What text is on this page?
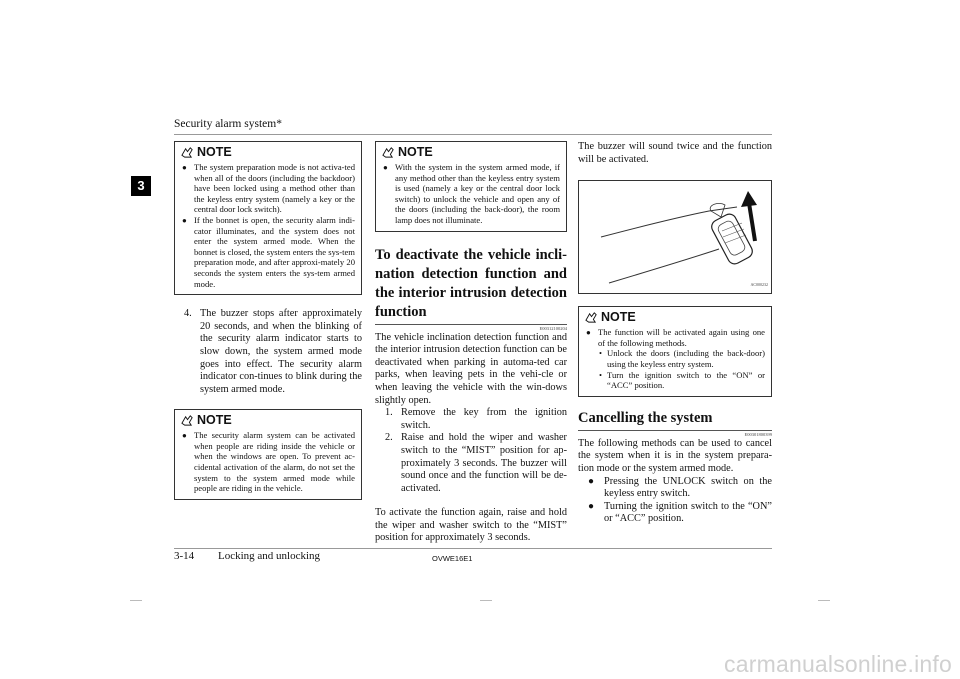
Security alarm system*
3
NOTE
● The system preparation mode is not activa-ted when all of the doors (including the backdoor) have been locked using a method other than the keyless entry system (namely a key or the central door lock switch).
● If the bonnet is open, the security alarm indi-cator illuminates, and the system does not enter the system armed mode. When the bonnet is closed, the system enters the sys-tem preparation mode, and after approxi-mately 20 seconds the system enters the sys-tem armed mode.
4. The buzzer stops after approximately 20 seconds, and when the blinking of the security alarm indicator starts to slow down, the system armed mode goes into effect. The security alarm indicator con-tinues to blink during the system armed mode.
NOTE
● The security alarm system can be activated when people are riding inside the vehicle or when the windows are open. To prevent ac-cidental activation of the alarm, do not set the system to the system armed mode while people are riding in the vehicle.
NOTE
● With the system in the system armed mode, if any method other than the keyless entry system is used (namely a key or the central door lock switch) to unlock the vehicle and open any of the doors (including the back-door), the room lamp does not illuminate.
To deactivate the vehicle incli-nation detection function and the interior intrusion detection function
E00312100204
The vehicle inclination detection function and the interior intrusion detection function can be deactivated when parking in automa-ted car parks, when leaving pets in the vehi-cle or when leaving the vehicle with the win-dows slightly open.
1. Remove the key from the ignition switch.
2. Raise and hold the wiper and washer switch to the “MIST” position for ap-proximately 3 seconds. The buzzer will sound once and the function will be de-activated.
To activate the function again, raise and hold the wiper and washer switch to the “MIST” position for approximately 3 seconds.
The buzzer will sound twice and the function will be activated.
AC000232
NOTE
● The function will be activated again using one of the following methods.
• Unlock the doors (including the back-door) using the keyless entry system.
• Turn the ignition switch to the “ON” or “ACC” position.
Cancelling the system
E00301800399
The following methods can be used to cancel the system when it is in the system prepara-tion mode or the system armed mode.
● Pressing the UNLOCK switch on the keyless entry switch.
● Turning the ignition switch to the “ON” or “ACC” position.
3-14 Locking and unlocking	OVWE16E1
carmanualsonline.info
